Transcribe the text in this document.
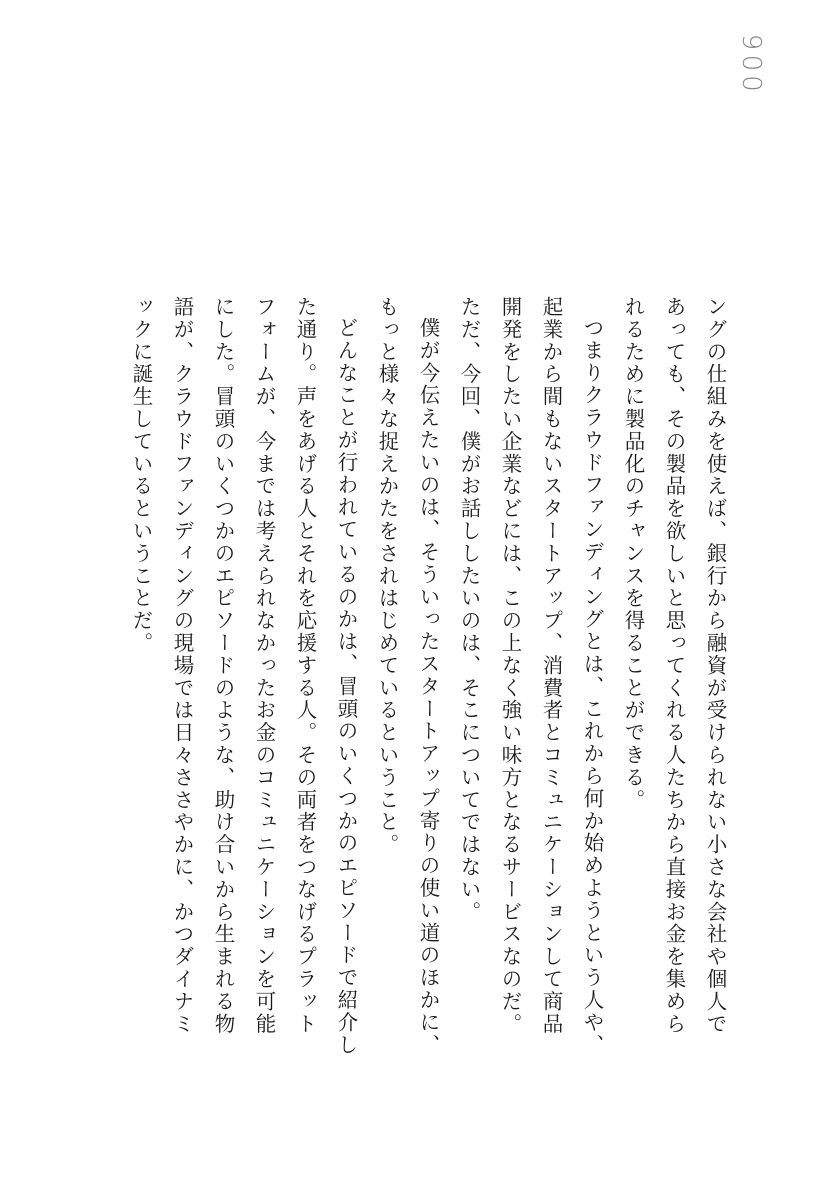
006

ングの仕組みを使えば、銀行から融資が受けられない小さな会社や個人であっても、その製品を欲しいと思ってくれる人たちから直接お金を集められるために製品化のチャンスを得ることができる。

つまりクラウドファンディングとは、これから何か始めようという人や、起業から間もないスタートアップ、消費者とコミュニケーションして商品開発をしたい企業などには、この上なく強い味方となるサービスなのだ。

ただ、今回、僕がお話ししたいのは、そこについてではない。

僕が今伝えたいのは、そういったスタートアップ寄りの使い道のほかに、もっと様々な捉えかたをされはじめているということ。

どんなことが行われているのかは、冒頭のいくつかのエピソードで紹介した通り。声をあげる人とそれを応援する人。その両者をつなげるプラットフォームが、今までは考えられなかったお金のコミュニケーションを可能にした。冒頭のいくつかのエピソードのような、助け合いから生まれる物語が、クラウドファンディングの現場では日々ささやかに、かつダイナミックに誕生しているということだ。
